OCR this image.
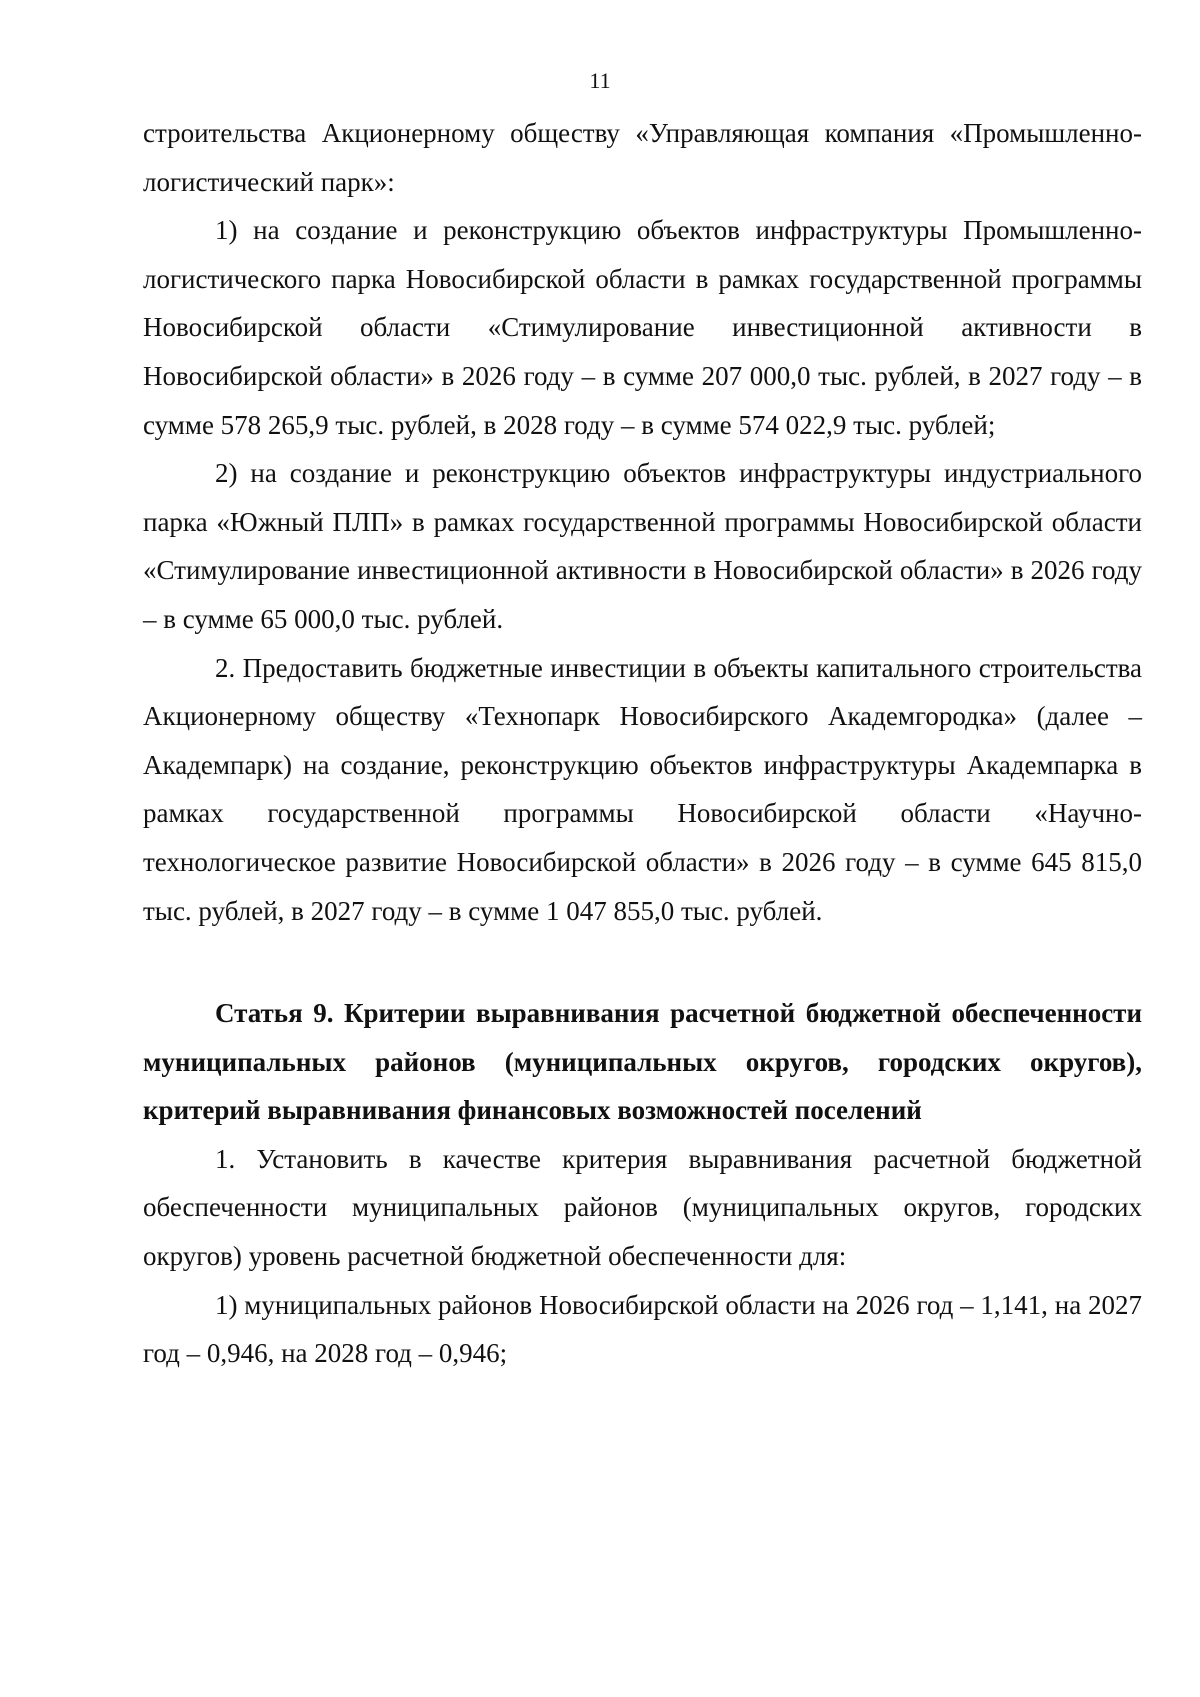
11

строительства Акционерному обществу «Управляющая компания «Промышленно-логистический парк»:

1) на создание и реконструкцию объектов инфраструктуры Промышленно-логистического парка Новосибирской области в рамках государственной программы Новосибирской области «Стимулирование инвестиционной активности в Новосибирской области» в 2026 году – в сумме 207 000,0 тыс. рублей, в 2027 году – в сумме 578 265,9 тыс. рублей, в 2028 году – в сумме 574 022,9 тыс. рублей;

2) на создание и реконструкцию объектов инфраструктуры индустриального парка «Южный ПЛП» в рамках государственной программы Новосибирской области «Стимулирование инвестиционной активности в Новосибирской области» в 2026 году – в сумме 65 000,0 тыс. рублей.

2. Предоставить бюджетные инвестиции в объекты капитального строительства Акционерному обществу «Технопарк Новосибирского Академгородка» (далее – Академпарк) на создание, реконструкцию объектов инфраструктуры Академпарка в рамках государственной программы Новосибирской области «Научно-технологическое развитие Новосибирской области» в 2026 году – в сумме 645 815,0 тыс. рублей, в 2027 году – в сумме 1 047 855,0 тыс. рублей.

Статья 9. Критерии выравнивания расчетной бюджетной обеспеченности муниципальных районов (муниципальных округов, городских округов), критерий выравнивания финансовых возможностей поселений

1. Установить в качестве критерия выравнивания расчетной бюджетной обеспеченности муниципальных районов (муниципальных округов, городских округов) уровень расчетной бюджетной обеспеченности для:

1) муниципальных районов Новосибирской области на 2026 год – 1,141, на 2027 год – 0,946, на 2028 год – 0,946;
